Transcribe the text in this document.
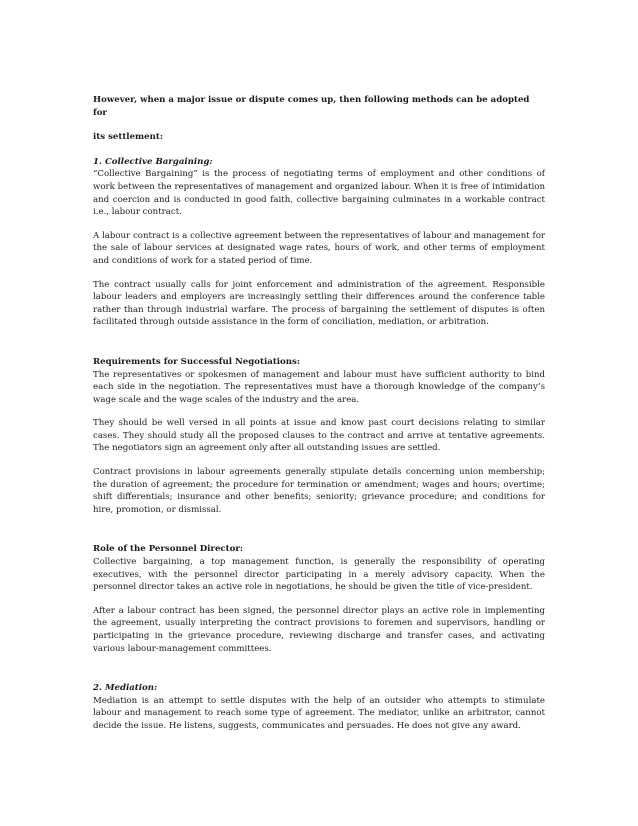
However, when a major issue or dispute comes up, then following methods can be adopted for

its settlement:

1. Collective Bargaining:

“Collective Bargaining” is the process of negotiating terms of employment and other conditions of work between the representatives of management and organized labour. When it is free of intimidation and coercion and is conducted in good faith, collective bargaining culminates in a workable contract i.e., labour contract.

A labour contract is a collective agreement between the representatives of labour and management for the sale of labour services at designated wage rates, hours of work, and other terms of employment and conditions of work for a stated period of time.

The contract usually calls for joint enforcement and administration of the agreement. Responsible labour leaders and employers are increasingly settling their differences around the conference table rather than through industrial warfare. The process of bargaining the settlement of disputes is often facilitated through outside assistance in the form of conciliation, mediation, or arbitration.

Requirements for Successful Negotiations:

The representatives or spokesmen of management and labour must have sufficient authority to bind each side in the negotiation. The representatives must have a thorough knowledge of the company’s wage scale and the wage scales of the industry and the area.

They should be well versed in all points at issue and know past court decisions relating to similar cases. They should study all the proposed clauses to the contract and arrive at tentative agreements. The negotiators sign an agreement only after all outstanding issues are settled.

Contract provisions in labour agreements generally stipulate details concerning union membership; the duration of agreement; the procedure for termination or amendment; wages and hours; overtime; shift differentials; insurance and other benefits; seniority; grievance procedure; and conditions for hire, promotion, or dismissal.

Role of the Personnel Director:

Collective bargaining, a top management function, is generally the responsibility of operating executives, with the personnel director participating in a merely advisory capacity. When the personnel director takes an active role in negotiations, he should be given the title of vice-president.

After a labour contract has been signed, the personnel director plays an active role in implementing the agreement, usually interpreting the contract provisions to foremen and supervisors, handling or participating in the grievance procedure, reviewing discharge and transfer cases, and activating various labour-management committees.

2. Mediation:

Mediation is an attempt to settle disputes with the help of an outsider who attempts to stimulate labour and management to reach some type of agreement. The mediator, unlike an arbitrator, cannot decide the issue. He listens, suggests, communicates and persuades. He does not give any award.
